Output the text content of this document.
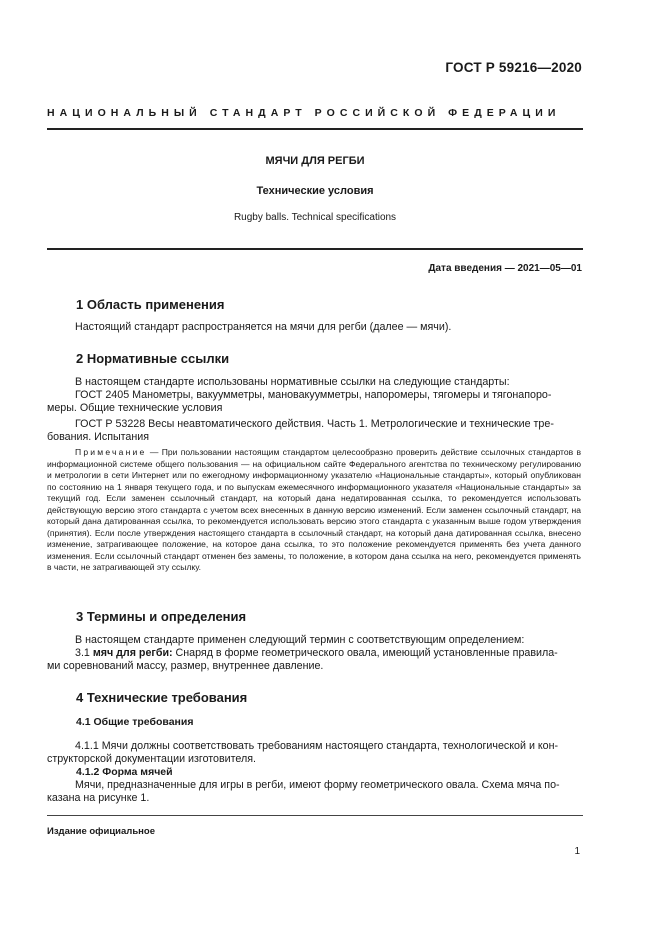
ГОСТ Р 59216—2020
НАЦИОНАЛЬНЫЙ СТАНДАРТ РОССИЙСКОЙ ФЕДЕРАЦИИ
МЯЧИ ДЛЯ РЕГБИ
Технические условия
Rugby balls. Technical specifications
Дата введения — 2021—05—01
1 Область применения
Настоящий стандарт распространяется на мячи для регби (далее — мячи).
2 Нормативные ссылки
В настоящем стандарте использованы нормативные ссылки на следующие стандарты:
ГОСТ 2405 Манометры, вакуумметры, мановакуумметры, напоромеры, тягомеры и тягонапоро-
меры. Общие технические условия
ГОСТ Р 53228 Весы неавтоматического действия. Часть 1. Метрологические и технические тре-
бования. Испытания
Примечание — При пользовании настоящим стандартом целесообразно проверить действие ссылочных стандартов в информационной системе общего пользования — на официальном сайте Федерального агентства по техническому регулированию и метрологии в сети Интернет или по ежегодному информационному указателю «Национальные стандарты», который опубликован по состоянию на 1 января текущего года, и по выпускам ежемесячного информационного указателя «Национальные стандарты» за текущий год. Если заменен ссылочный стандарт, на который дана недатированная ссылка, то рекомендуется использовать действующую версию этого стандарта с учетом всех внесенных в данную версию изменений. Если заменен ссылочный стандарт, на который дана датированная ссылка, то рекомендуется использовать версию этого стандарта с указанным выше годом утверждения (принятия). Если после утверждения настоящего стандарта в ссылочный стандарт, на который дана датированная ссылка, внесено изменение, затрагивающее положение, на которое дана ссылка, то это положение рекомендуется применять без учета данного изменения. Если ссылочный стандарт отменен без замены, то положение, в котором дана ссылка на него, рекомендуется применять в части, не затрагивающей эту ссылку.
3 Термины и определения
В настоящем стандарте применен следующий термин с соответствующим определением:
3.1 мяч для регби: Снаряд в форме геометрического овала, имеющий установленные правила-
ми соревнований массу, размер, внутреннее давление.
4 Технические требования
4.1 Общие требования
4.1.1 Мячи должны соответствовать требованиям настоящего стандарта, технологической и кон-
структорской документации изготовителя.
4.1.2 Форма мячей
Мячи, предназначенные для игры в регби, имеют форму геометрического овала. Схема мяча по-
казана на рисунке 1.
Издание официальное
1
